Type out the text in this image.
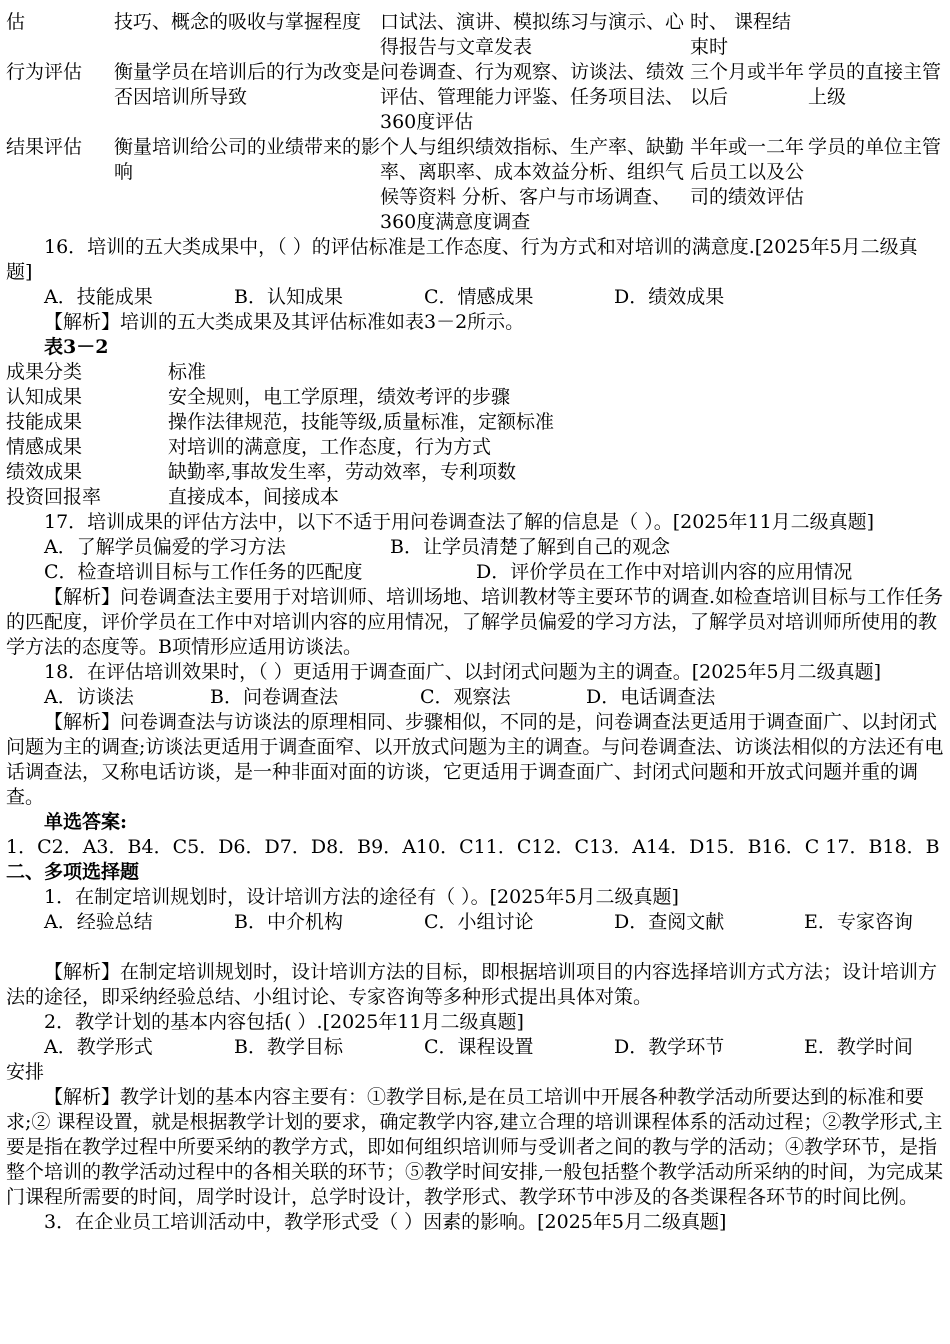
估	技巧、概念的吸收与掌握程度	口试法、演讲、模拟练习与演示、心得报告与文章发表	时、 课程结束时	
行为评估	衡量学员在培训后的行为改变是否因培训所导致	问卷调查、行为观察、访谈法、绩效评估、管理能力评鉴、任务项目法、360度评估	三个月或半年以后	学员的直接主管上级
结果评估	衡量培训给公司的业绩带来的影响	个人与组织绩效指标、生产率、缺勤率、离职率、成本效益分析、组织气候等资料 分析、客户与市场调查、360度满意度调查	半年或一二年后员工以及公司的绩效评估	学员的单位主管

16．培训的五大类成果中，（ ）的评估标准是工作态度、行为方式和对培训的满意度.[2025年5月二级真题]

A．技能成果	B．认知成果	C．情感成果	D．绩效成果

【解析】培训的五大类成果及其评估标准如表3－2所示。

表3－2

成果分类	标准
认知成果	安全规则，电工学原理，绩效考评的步骤
技能成果	操作法律规范，技能等级,质量标准，定额标准
情感成果	对培训的满意度，工作态度，行为方式
绩效成果	缺勤率,事故发生率，劳动效率，专利项数
投资回报率	直接成本，间接成本

17．培训成果的评估方法中，以下不适于用问卷调查法了解的信息是（ ）。[2025年11月二级真题]

A．了解学员偏爱的学习方法	B．让学员清楚了解到自己的观念
C．检查培训目标与工作任务的匹配度	D．评价学员在工作中对培训内容的应用情况

【解析】问卷调查法主要用于对培训师、培训场地、培训教材等主要环节的调查.如检查培训目标与工作任务的匹配度，评价学员在工作中对培训内容的应用情况，了解学员偏爱的学习方法，了解学员对培训师所使用的教学方法的态度等。B项情形应适用访谈法。

18．在评估培训效果时，（ ）更适用于调查面广、以封闭式问题为主的调查。[2025年5月二级真题]

A．访谈法	B．问卷调查法	C．观察法	D．电话调查法

【解析】问卷调查法与访谈法的原理相同、步骤相似，不同的是，问卷调查法更适用于调查面广、以封闭式问题为主的调查;访谈法更适用于调查面窄、以开放式问题为主的调查。与问卷调查法、访谈法相似的方法还有电话调查法，又称电话访谈，是一种非面对面的访谈，它更适用于调查面广、封闭式问题和开放式问题并重的调查。

单选答案:

1．C2．A3．B4．C5．D6．D7．D8．B9．A10．C11．C12．C13．A14．D15．B16．C 17．B18．B

二、多项选择题

1．在制定培训规划时，设计培训方法的途径有（ ）。[2025年5月二级真题]

A．经验总结	B．中介机构	C．小组讨论	D．查阅文献	E．专家咨询

【解析】在制定培训规划时，设计培训方法的目标，即根据培训项目的内容选择培训方式方法；设计培训方法的途径，即采纳经验总结、小组讨论、专家咨询等多种形式提出具体对策。

2．教学计划的基本内容包括( ）.[2025年11月二级真题]

A．教学形式	B．教学目标	C．课程设置	D．教学环节	E．教学时间

安排

【解析】教学计划的基本内容主要有：①教学目标,是在员工培训中开展各种教学活动所要达到的标准和要求;② 课程设置，就是根据教学计划的要求，确定教学内容,建立合理的培训课程体系的活动过程；②教学形式,主要是指在教学过程中所要采纳的教学方式，即如何组织培训师与受训者之间的教与学的活动；④教学环节，是指整个培训的教学活动过程中的各相关联的环节；⑤教学时间安排,一般包括整个教学活动所采纳的时间，为完成某门课程所需要的时间，周学时设计，总学时设计，教学形式、教学环节中涉及的各类课程各环节的时间比例。

3．在企业员工培训活动中，教学形式受（ ）因素的影响。[2025年5月二级真题]
